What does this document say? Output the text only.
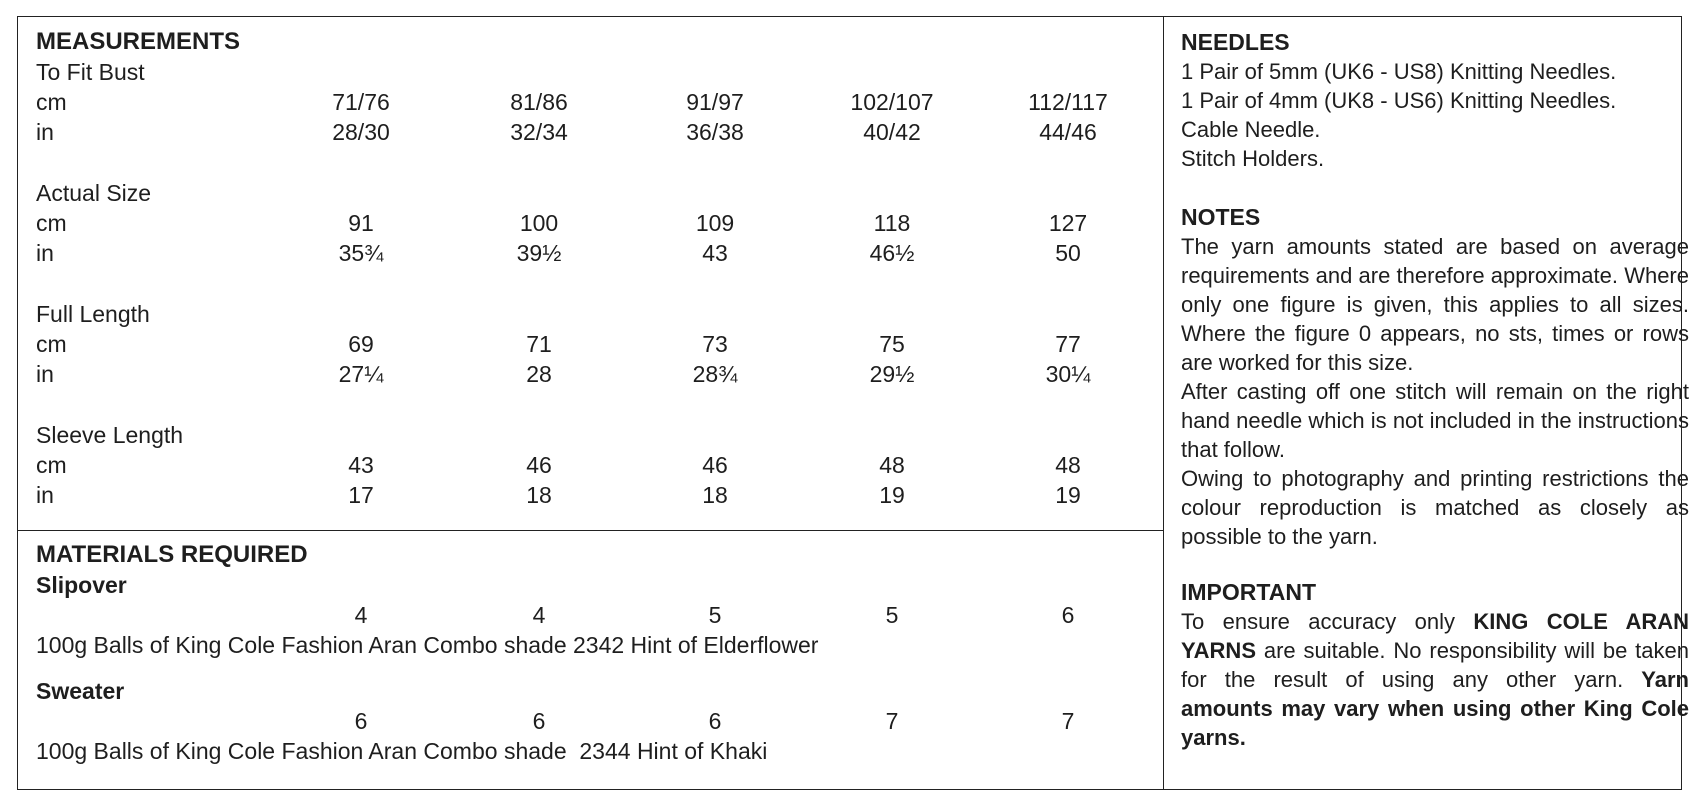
MEASUREMENTS
To Fit Bust
cm	71/76	81/86	91/97	102/107	112/117
in	28/30	32/34	36/38	40/42	44/46
Actual Size
cm	91	100	109	118	127
in	35¾	39½	43	46½	50
Full Length
cm	69	71	73	75	77
in	27¼	28	28¾	29½	30¼
Sleeve Length
cm	43	46	46	48	48
in	17	18	18	19	19
MATERIALS REQUIRED
Slipover
4	4	5	5	6
100g Balls of King Cole Fashion Aran Combo shade 2342 Hint of Elderflower
Sweater
6	6	6	7	7
100g Balls of King Cole Fashion Aran Combo shade  2344 Hint of Khaki
NEEDLES
1 Pair of 5mm (UK6 - US8) Knitting Needles.
1 Pair of 4mm (UK8 - US6) Knitting Needles.
Cable Needle.
Stitch Holders.
NOTES
The yarn amounts stated are based on average requirements and are therefore approximate. Where only one figure is given, this applies to all sizes. Where the figure 0 appears, no sts, times or rows are worked for this size.
After casting off one stitch will remain on the right hand needle which is not included in the instructions that follow.
Owing to photography and printing restrictions the colour reproduction is matched as closely as possible to the yarn.
IMPORTANT
To ensure accuracy only KING COLE ARAN YARNS are suitable. No responsibility will be taken for the result of using any other yarn. Yarn amounts may vary when using other King Cole yarns.
